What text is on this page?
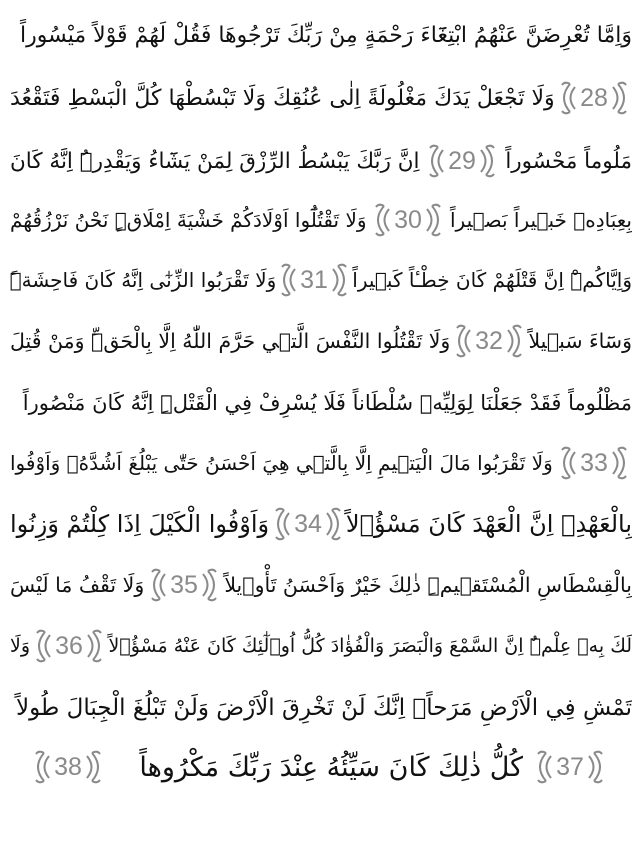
وَاِمَّا تُعْرِضَنَّ عَنْهُمُ ابْتِغَٓاءَ رَحْمَةٍ مِنْ رَبِّكَ تَرْجُوهَا فَقُلْ لَهُمْ قَوْلاً مَيْسُوراً
28
وَلَا تَجْعَلْ يَدَكَ مَغْلُولَةً اِلٰى عُنُقِكَ وَلَا تَبْسُطْهَا كُلَّ الْبَسْطِ فَتَقْعُدَ
مَلُوماً مَحْسُوراً
29
اِنَّ رَبَّكَ يَبْسُطُ الرِّزْقَ لِمَنْ يَشَٓاءُ وَيَقْدِرُۜ اِنَّهُ كَانَ
بِعِبَادِه۪ خَب۪يراً بَص۪يراً
30
وَلَا تَقْتُلُٓوا اَوْلَادَكُمْ خَشْيَةَ اِمْلَاقٍۜ نَحْنُ نَرْزُقُهُمْ
وَاِيَّاكُمْۜ اِنَّ قَتْلَهُمْ كَانَ خِطْـٔاً كَب۪يراً
31
وَلَا تَقْرَبُوا الزِّنٰٓى اِنَّهُ كَانَ فَاحِشَةًۜ
وَسَٓاءَ سَب۪يلاً
32
وَلَا تَقْتُلُوا النَّفْسَ الَّت۪ي حَرَّمَ اللّٰهُ اِلَّا بِالْحَقِّۜ وَمَنْ قُتِلَ
مَظْلُوماً فَقَدْ جَعَلْنَا لِوَلِيِّه۪ سُلْطَاناً فَلَا يُسْرِفْ فِي الْقَتْلِۜ اِنَّهُ كَانَ مَنْصُوراً
33
وَلَا تَقْرَبُوا مَالَ الْيَت۪يمِ اِلَّا بِالَّت۪ي هِيَ اَحْسَنُ حَتّٰى يَبْلُغَ اَشُدَّهُۖ وَاَوْفُوا
بِالْعَهْدِۚ اِنَّ الْعَهْدَ كَانَ مَسْؤُ۫لاً
34
وَاَوْفُوا الْكَيْلَ اِذَا كِلْتُمْ وَزِنُوا
بِالْقِسْطَاسِ الْمُسْتَق۪يمِۜ ذٰلِكَ خَيْرٌ وَاَحْسَنُ تَأْو۪يلاً
35
وَلَا تَقْفُ مَا لَيْسَ
لَكَ بِه۪ عِلْمٌۜ اِنَّ السَّمْعَ وَالْبَصَرَ وَالْفُؤٰادَ كُلُّ اُو۬لٰٓئِكَ كَانَ عَنْهُ مَسْؤُ۫لاً
36
وَلَا
تَمْشِ فِي الْاَرْضِ مَرَحاًۚ اِنَّكَ لَنْ تَخْرِقَ الْاَرْضَ وَلَنْ تَبْلُغَ الْجِبَالَ طُولاً
37
كُلُّ ذٰلِكَ كَانَ سَيِّئُهُ عِنْدَ رَبِّكَ مَكْرُوهاً
38
